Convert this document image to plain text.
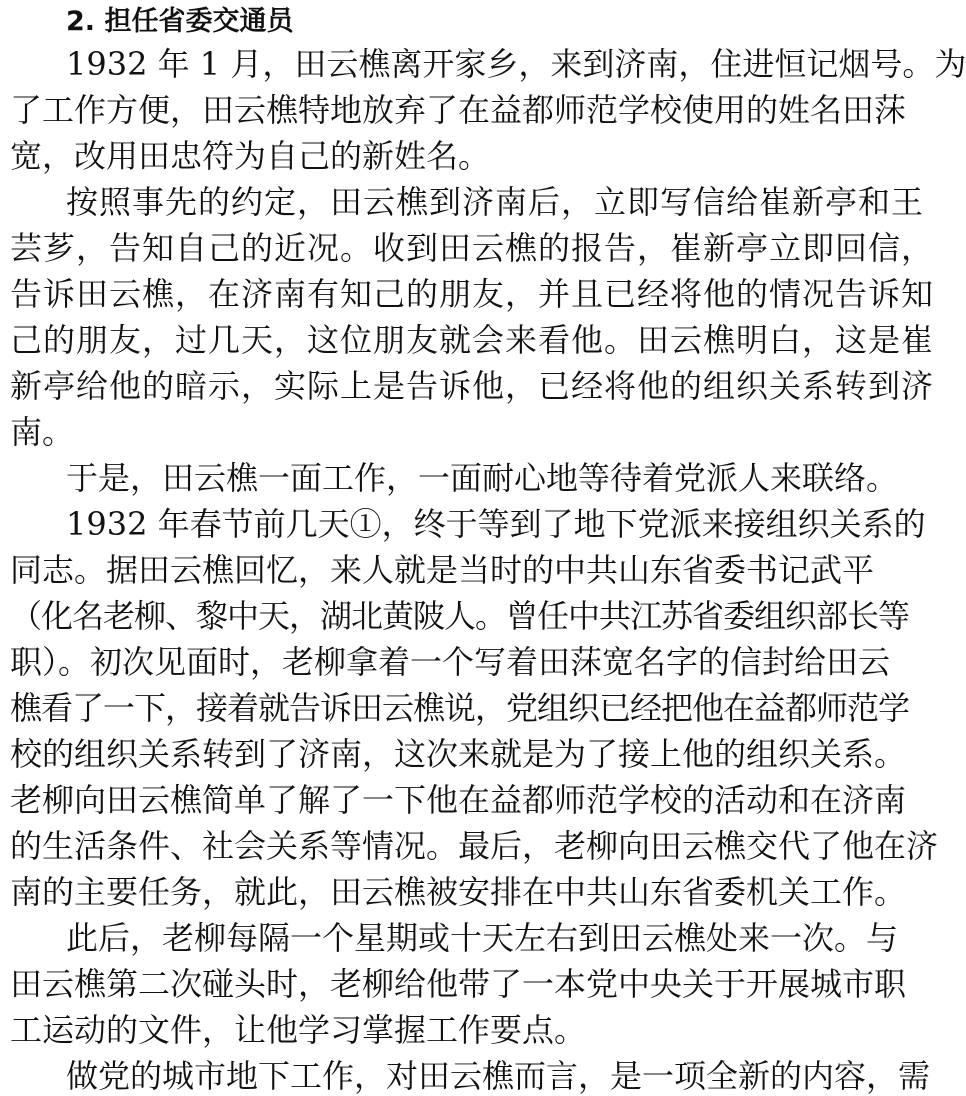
2. 担任省委交通员
1932 年 1 月，田云樵离开家乡，来到济南，住进恒记烟号。为
了工作方便，田云樵特地放弃了在益都师范学校使用的姓名田莯
宽，改用田忠符为自己的新姓名。
按照事先的约定，田云樵到济南后，立即写信给崔新亭和王
芸芗，告知自己的近况。收到田云樵的报告，崔新亭立即回信，
告诉田云樵，在济南有知己的朋友，并且已经将他的情况告诉知
己的朋友，过几天，这位朋友就会来看他。田云樵明白，这是崔
新亭给他的暗示，实际上是告诉他，已经将他的组织关系转到济
南。
于是，田云樵一面工作，一面耐心地等待着党派人来联络。
1932 年春节前几天①，终于等到了地下党派来接组织关系的
同志。据田云樵回忆，来人就是当时的中共山东省委书记武平
（化名老柳、黎中天，湖北黄陂人。曾任中共江苏省委组织部长等
职）。初次见面时，老柳拿着一个写着田莯宽名字的信封给田云
樵看了一下，接着就告诉田云樵说，党组织已经把他在益都师范学
校的组织关系转到了济南，这次来就是为了接上他的组织关系。
老柳向田云樵简单了解了一下他在益都师范学校的活动和在济南
的生活条件、社会关系等情况。最后，老柳向田云樵交代了他在济
南的主要任务，就此，田云樵被安排在中共山东省委机关工作。
此后，老柳每隔一个星期或十天左右到田云樵处来一次。与
田云樵第二次碰头时，老柳给他带了一本党中央关于开展城市职
工运动的文件，让他学习掌握工作要点。
做党的城市地下工作，对田云樵而言，是一项全新的内容，需
